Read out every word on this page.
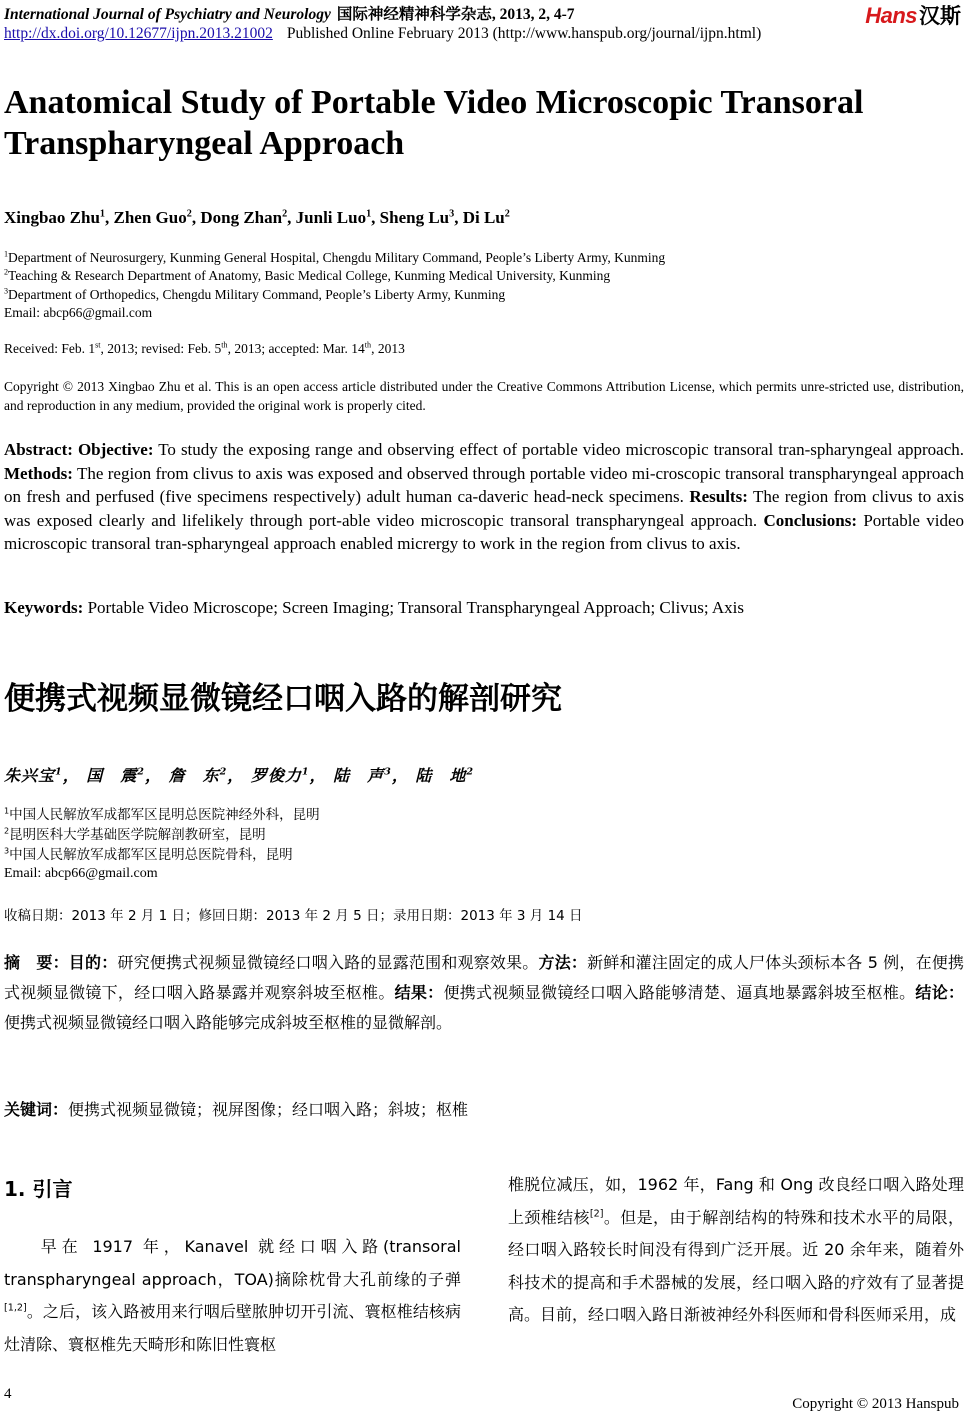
International Journal of Psychiatry and Neurology 国际神经精神科学杂志, 2013, 2, 4-7	Hans汉斯
http://dx.doi.org/10.12677/ijpn.2013.21002 Published Online February 2013 (http://www.hanspub.org/journal/ijpn.html)
Anatomical Study of Portable Video Microscopic Transoral Transpharyngeal Approach
Xingbao Zhu$^1$, Zhen Guo$^2$, Dong Zhan$^2$, Junli Luo$^1$, Sheng Lu$^3$, Di Lu$^2$
$^1$Department of Neurosurgery, Kunming General Hospital, Chengdu Military Command, People’s Liberty Army, Kunming
$^2$Teaching & Research Department of Anatomy, Basic Medical College, Kunming Medical University, Kunming
$^3$Department of Orthopedics, Chengdu Military Command, People’s Liberty Army, Kunming
Email: abcp66@gmail.com
Received: Feb. 1st, 2013; revised: Feb. 5th, 2013; accepted: Mar. 14th, 2013
Copyright © 2013 Xingbao Zhu et al. This is an open access article distributed under the Creative Commons Attribution License, which permits unre-stricted use, distribution, and reproduction in any medium, provided the original work is properly cited.
Abstract: Objective: To study the exposing range and observing effect of portable video microscopic transoral tran-spharyngeal approach. Methods: The region from clivus to axis was exposed and observed through portable video mi-croscopic transoral transpharyngeal approach on fresh and perfused (five specimens respectively) adult human ca-daveric head-neck specimens. Results: The region from clivus to axis was exposed clearly and lifelikely through port-able video microscopic transoral transpharyngeal approach. Conclusions: Portable video microscopic transoral tran-spharyngeal approach enabled micrergy to work in the region from clivus to axis.
Keywords: Portable Video Microscope; Screen Imaging; Transoral Transpharyngeal Approach; Clivus; Axis
便携式视频显微镜经口咽入路的解剖研究
朱兴宝$^1$， 国　震$^2$， 詹　东$^2$， 罗俊力$^1$， 陆　声$^3$， 陆　地$^2$
$^1$中国人民解放军成都军区昆明总医院神经外科，昆明
$^2$昆明医科大学基础医学院解剖教研室，昆明
$^3$中国人民解放军成都军区昆明总医院骨科，昆明
Email: abcp66@gmail.com
收稿日期：2013 年 2 月 1 日；修回日期：2013 年 2 月 5 日；录用日期：2013 年 3 月 14 日
摘　要：目的：研究便携式视频显微镜经口咽入路的显露范围和观察效果。方法：新鲜和灌注固定的成人尸体头颈标本各 5 例，在便携式视频显微镜下，经口咽入路暴露并观察斜坡至枢椎。结果：便携式视频显微镜经口咽入路能够清楚、逼真地暴露斜坡至枢椎。结论：便携式视频显微镜经口咽入路能够完成斜坡至枢椎的显微解剖。
关键词：便携式视频显微镜；视屏图像；经口咽入路；斜坡；枢椎
1. 引言
早在 1917 年，Kanavel 就经口咽入路(transoral transpharyngeal approach，TOA)摘除枕骨大孔前缘的子弹[1,2]。之后，该入路被用来行咽后壁脓肿切开引流、寰枢椎结核病灶清除、寰枢椎先天畸形和陈旧性寰枢
椎脱位减压，如，1962 年，Fang 和 Ong 改良经口咽入路处理上颈椎结核[2]。但是，由于解剖结构的特殊和技术水平的局限，经口咽入路较长时间没有得到广泛开展。近 20 余年来，随着外科技术的提高和手术器械的发展，经口咽入路的疗效有了显著提高。目前，经口咽入路日渐被神经外科医师和骨科医师采用，成
4
Copyright © 2013 Hanspub
